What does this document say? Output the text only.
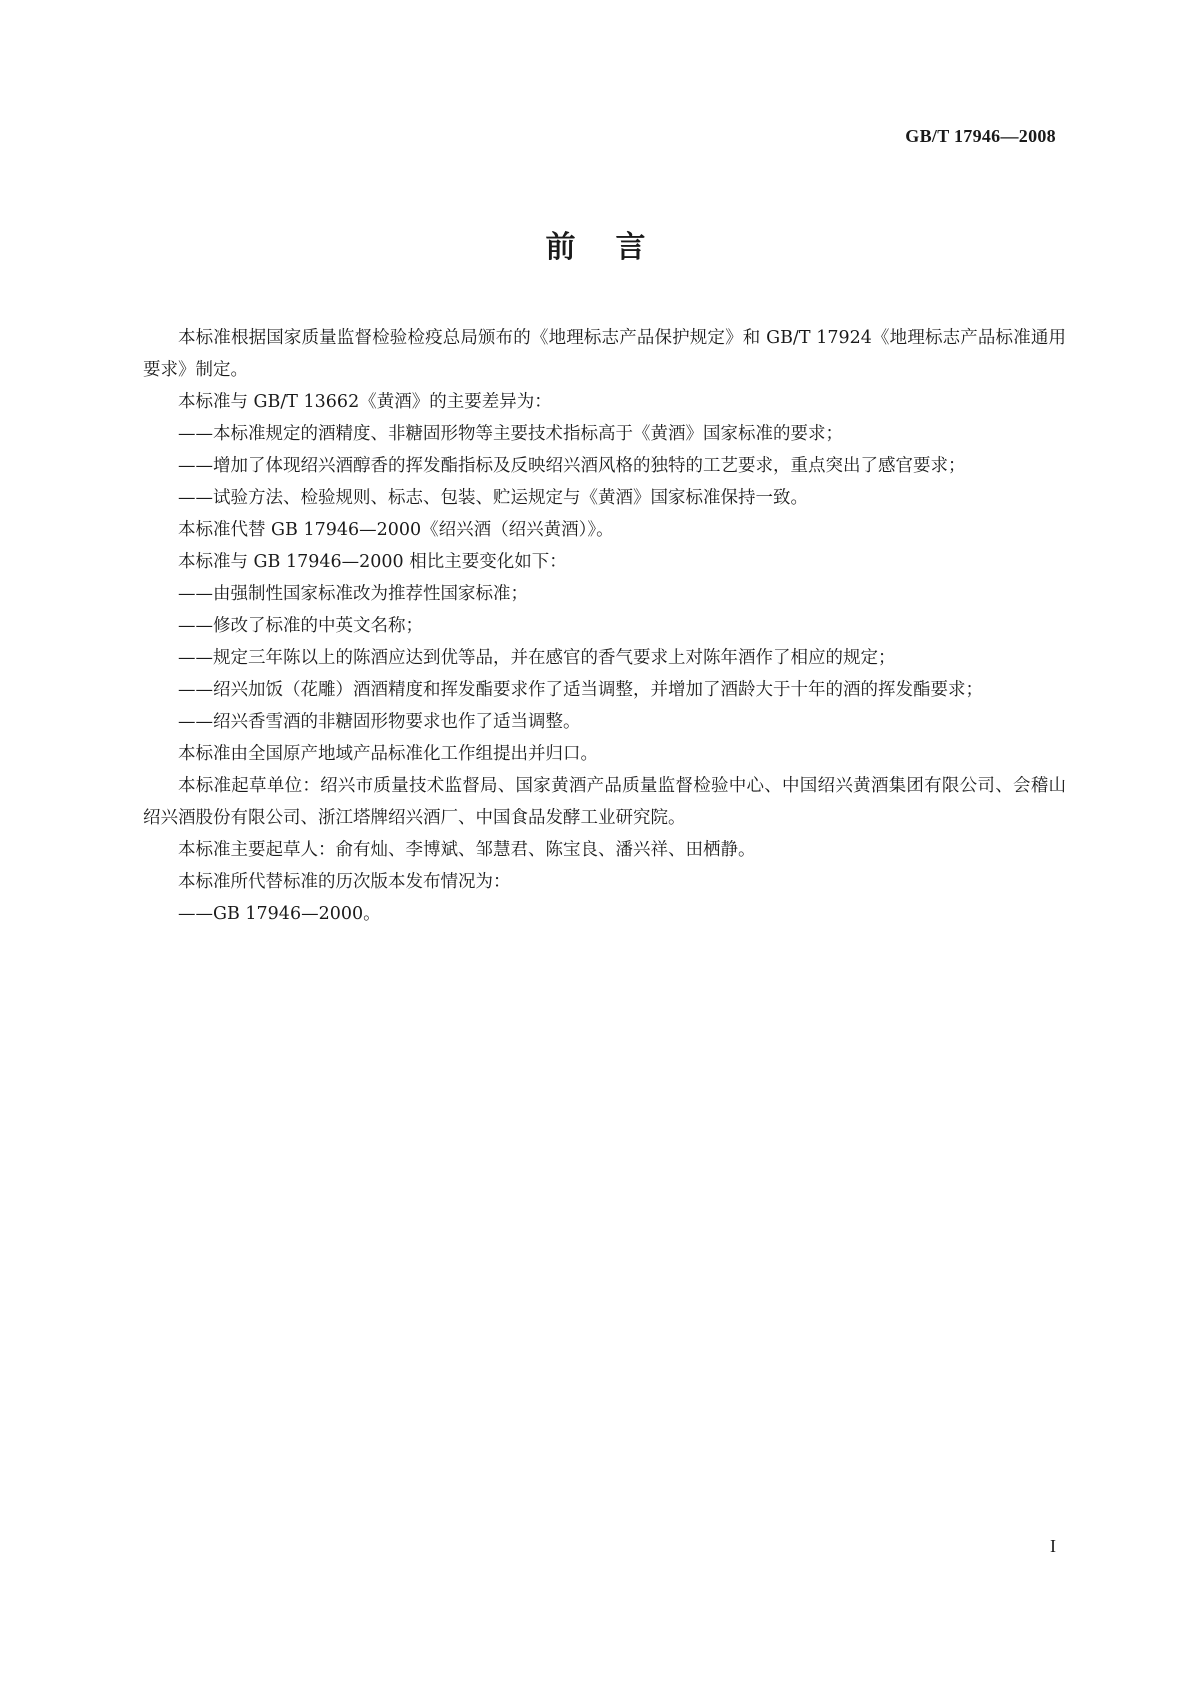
GB/T 17946—2008
前言

本标准根据国家质量监督检验检疫总局颁布的《地理标志产品保护规定》和 GB/T 17924《地理标志产品标准通用要求》制定。

本标准与 GB/T 13662《黄酒》的主要差异为：

——本标准规定的酒精度、非糖固形物等主要技术指标高于《黄酒》国家标准的要求；

——增加了体现绍兴酒醇香的挥发酯指标及反映绍兴酒风格的独特的工艺要求，重点突出了感官要求；

——试验方法、检验规则、标志、包装、贮运规定与《黄酒》国家标准保持一致。

本标准代替 GB 17946—2000《绍兴酒（绍兴黄酒）》。

本标准与 GB 17946—2000 相比主要变化如下：

——由强制性国家标准改为推荐性国家标准；

——修改了标准的中英文名称；

——规定三年陈以上的陈酒应达到优等品，并在感官的香气要求上对陈年酒作了相应的规定；

——绍兴加饭（花雕）酒酒精度和挥发酯要求作了适当调整，并增加了酒龄大于十年的酒的挥发酯要求；

——绍兴香雪酒的非糖固形物要求也作了适当调整。

本标准由全国原产地域产品标准化工作组提出并归口。

本标准起草单位：绍兴市质量技术监督局、国家黄酒产品质量监督检验中心、中国绍兴黄酒集团有限公司、会稽山绍兴酒股份有限公司、浙江塔牌绍兴酒厂、中国食品发酵工业研究院。

本标准主要起草人：俞有灿、李博斌、邹慧君、陈宝良、潘兴祥、田栖静。

本标准所代替标准的历次版本发布情况为：

——GB 17946—2000。

I
